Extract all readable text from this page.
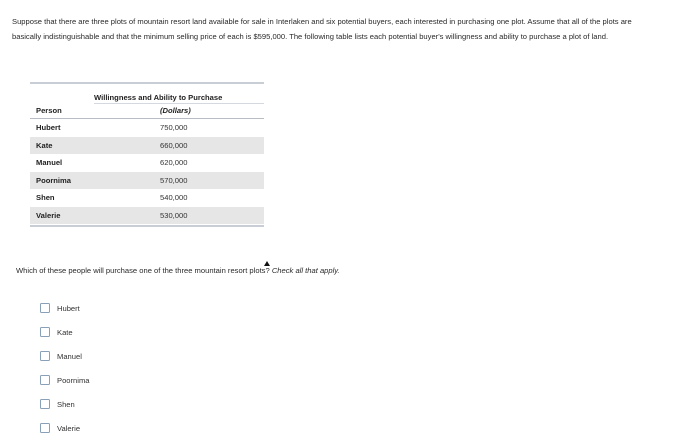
Suppose that there are three plots of mountain resort land available for sale in Interlaken and six potential buyers, each interested in purchasing one plot. Assume that all of the plots are basically indistinguishable and that the minimum selling price of each is $595,000. The following table lists each potential buyer's willingness and ability to purchase a plot of land.
Willingness and Ability to Purchase
Person	(Dollars)
Hubert	750,000
Kate	660,000
Manuel	620,000
Poornima	570,000
Shen	540,000
Valerie	530,000
Which of these people will purchase one of the three mountain resort plots? Check all that apply.
Hubert
Kate
Manuel
Poornima
Shen
Valerie
